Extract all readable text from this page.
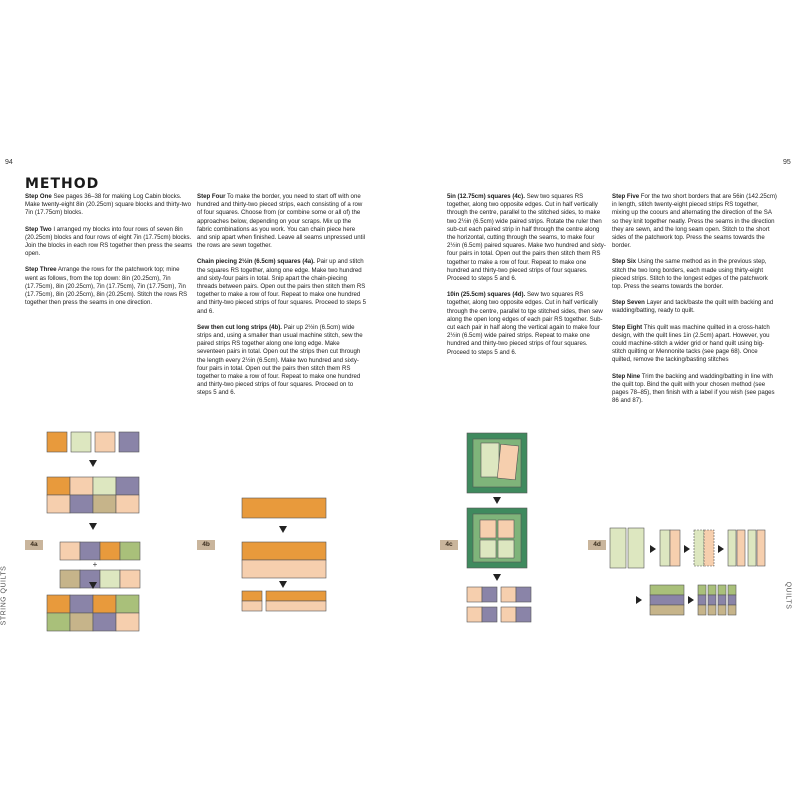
94	95
STRING QUILTS	QUILTS
METHOD

Step One See pages 36–38 for making Log Cabin blocks. Make twenty-eight 8in (20.25cm) square blocks and thirty-two 7in (17.75cm) blocks.

Step Two I arranged my blocks into four rows of seven 8in (20.25cm) blocks and four rows of eight 7in (17.75cm) blocks. Join the blocks in each row RS together then press the seams open.

Step Three Arrange the rows for the patchwork top; mine went as follows, from the top down: 8in (20.25cm), 7in (17.75cm), 8in (20.25cm), 7in (17.75cm), 7in (17.75cm), 7in (17.75cm), 8in (20.25cm), 8in (20.25cm). Stitch the rows RS together then press the seams in one direction.

Step Four To make the border, you need to start off with one hundred and thirty-two pieced strips, each consisting of a row of four squares. Choose from (or combine some or all of) the approaches below, depending on your scraps. Mix up the fabric combinations as you work. You can chain piece here and snip apart when finished. Leave all seams unpressed until the rows are sewn together.

Chain piecing 2½in (6.5cm) squares (4a). Pair up and stitch the squares RS together, along one edge. Make two hundred and sixty-four pairs in total. Snip apart the chain-piecing threads between pairs. Open out the pairs then stitch them RS together to make a row of four. Repeat to make one hundred and thirty-two pieced strips of four squares. Proceed to steps 5 and 6.

Sew then cut long strips (4b). Pair up 2½in (6.5cm) wide strips and, using a smaller than usual machine stitch, sew the paired strips RS together along one long edge. Make seventeen pairs in total. Open out the strips then cut through the length every 2½in (6.5cm). Make two hundred and sixty-four pairs in total. Open out the pairs then stitch them RS together to make a row of four. Repeat to make one hundred and thirty-two pieced strips of four squares. Proceed on to steps 5 and 6.

5in (12.75cm) squares (4c). Sew two squares RS together, along two opposite edges. Cut in half vertically through the centre, parallel to the stitched sides, to make two 2½in (6.5cm) wide paired strips. Rotate the ruler then sub-cut each paired strip in half through the centre along the horizontal, cutting through the seams, to make four 2½in (6.5cm) paired squares. Make two hundred and sixty-four pairs in total. Open out the pairs then stitch them RS together to make a row of four. Repeat to make one hundred and thirty-two pieced strips of four squares. Proceed to steps 5 and 6.

10in (25.5cm) squares (4d). Sew two squares RS together, along two opposite edges. Cut in half vertically through the centre, parallel to tge stitched sides, then sew along the open long edges of each pair RS together. Sub-cut each pair in half along the vertical again to make four 2½in (6.5cm) wide paired strips. Repeat to make one hundred and thirty-two pieced strips of four squares. Proceed to steps 5 and 6.

Step Five For the two short borders that are 56in (142.25cm) in length, stitch twenty-eight pieced strips RS together, mixing up the coours and alternating the direction of the SA so they knit together neatly. Press the seams in the direction they are sewn, and the long seam open. Stitch to the short sides of the patchwork top. Press the seams towards the border.

Step Six Using the same method as in the previous step, stitch the two long borders, each made using thirty-eight pieced strips. Stitch to the longest edges of the patchwork top. Press the seams towards the border.

Step Seven Layer and tack/baste the quilt with backing and wadding/batting, ready to quilt.

Step Eight This quilt was machine quilted in a cross-hatch design, with the quilt lines 1in (2.5cm) apart. However, you could machine-stitch a wider grid or hand quilt using big-stitch quilting or Mennonite tacks (see page 68). Once quilted, remove the tacking/basting stitches

Step Nine Trim the backing and wadding/batting in line with the quilt top. Bind the quilt with your chosen method (see pages 78–85), then finish with a label if you wish (see pages 86 and 87).

4a	4b	4c	4d
+
